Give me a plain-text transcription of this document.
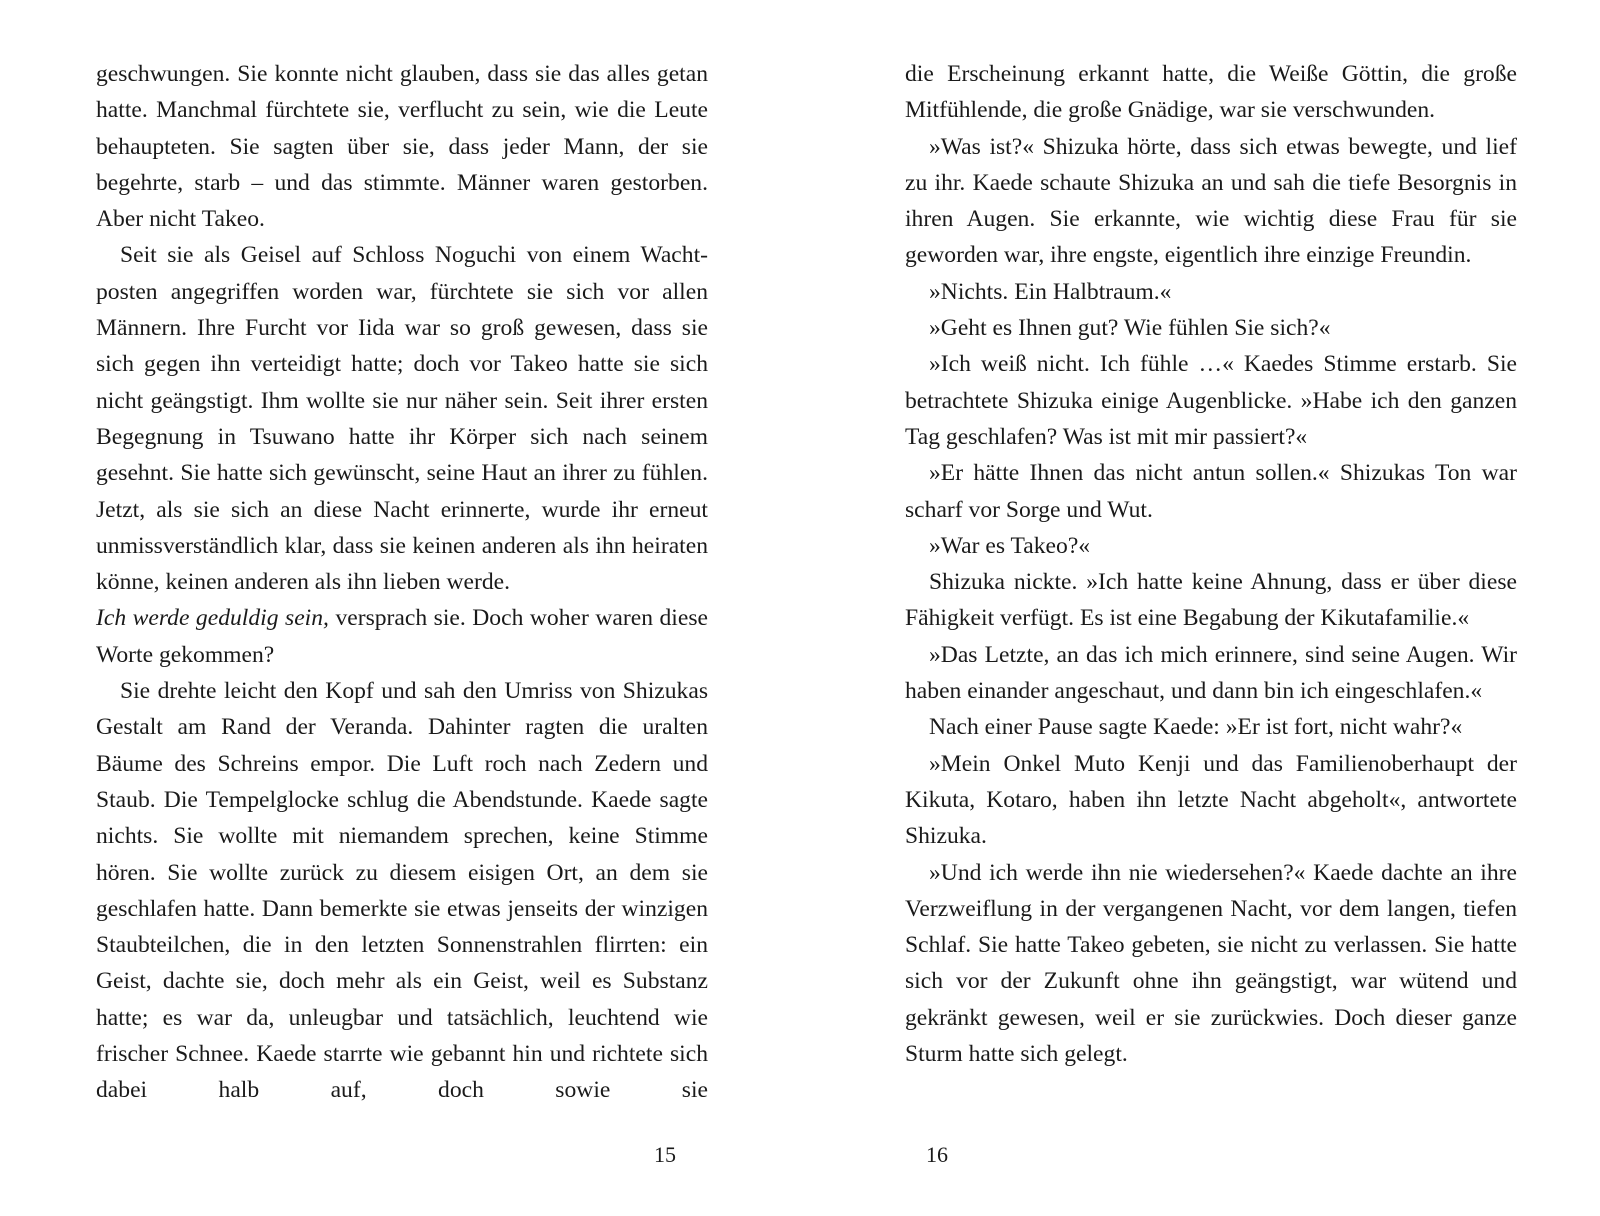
geschwungen. Sie konnte nicht glauben, dass sie das alles getan hatte. Manchmal fürchtete sie, verflucht zu sein, wie die Leute behaupteten. Sie sagten über sie, dass jeder Mann, der sie begehrte, starb – und das stimmte. Männer waren gestorben. Aber nicht Takeo.

Seit sie als Geisel auf Schloss Noguchi von einem Wachtposten angegriffen worden war, fürchtete sie sich vor allen Männern. Ihre Furcht vor Iida war so groß gewesen, dass sie sich gegen ihn verteidigt hatte; doch vor Takeo hatte sie sich nicht geängstigt. Ihm wollte sie nur näher sein. Seit ihrer ersten Begegnung in Tsuwano hatte ihr Körper sich nach seinem gesehnt. Sie hatte sich gewünscht, seine Haut an ihrer zu fühlen. Jetzt, als sie sich an diese Nacht erinnerte, wurde ihr erneut unmissverständlich klar, dass sie keinen anderen als ihn heiraten könne, keinen anderen als ihn lieben werde.

Ich werde geduldig sein, versprach sie. Doch woher waren diese Worte gekommen?

Sie drehte leicht den Kopf und sah den Umriss von Shizukas Gestalt am Rand der Veranda. Dahinter ragten die uralten Bäume des Schreins empor. Die Luft roch nach Zedern und Staub. Die Tempelglocke schlug die Abendstunde. Kaede sagte nichts. Sie wollte mit niemandem sprechen, keine Stimme hören. Sie wollte zurück zu diesem eisigen Ort, an dem sie geschlafen hatte. Dann bemerkte sie etwas jenseits der winzigen Staubteilchen, die in den letzten Sonnenstrahlen flirrten: ein Geist, dachte sie, doch mehr als ein Geist, weil es Substanz hatte; es war da, unleugbar und tatsächlich, leuchtend wie frischer Schnee. Kaede starrte wie gebannt hin und richtete sich dabei halb auf, doch sowie sie

die Erscheinung erkannt hatte, die Weiße Göttin, die große Mitfühlende, die große Gnädige, war sie verschwunden.

»Was ist?« Shizuka hörte, dass sich etwas bewegte, und lief zu ihr. Kaede schaute Shizuka an und sah die tiefe Besorgnis in ihren Augen. Sie erkannte, wie wichtig diese Frau für sie geworden war, ihre engste, eigentlich ihre einzige Freundin.

»Nichts. Ein Halbtraum.«

»Geht es Ihnen gut? Wie fühlen Sie sich?«

»Ich weiß nicht. Ich fühle …« Kaedes Stimme erstarb. Sie betrachtete Shizuka einige Augenblicke. »Habe ich den ganzen Tag geschlafen? Was ist mit mir passiert?«

»Er hätte Ihnen das nicht antun sollen.« Shizukas Ton war scharf vor Sorge und Wut.

»War es Takeo?«

Shizuka nickte. »Ich hatte keine Ahnung, dass er über diese Fähigkeit verfügt. Es ist eine Begabung der Kikutafamilie.«

»Das Letzte, an das ich mich erinnere, sind seine Augen. Wir haben einander angeschaut, und dann bin ich eingeschlafen.«

Nach einer Pause sagte Kaede: »Er ist fort, nicht wahr?«

»Mein Onkel Muto Kenji und das Familienoberhaupt der Kikuta, Kotaro, haben ihn letzte Nacht abgeholt«, antwortete Shizuka.

»Und ich werde ihn nie wiedersehen?« Kaede dachte an ihre Verzweiflung in der vergangenen Nacht, vor dem langen, tiefen Schlaf. Sie hatte Takeo gebeten, sie nicht zu verlassen. Sie hatte sich vor der Zukunft ohne ihn geängstigt, war wütend und gekränkt gewesen, weil er sie zurückwies. Doch dieser ganze Sturm hatte sich gelegt.

15	16
